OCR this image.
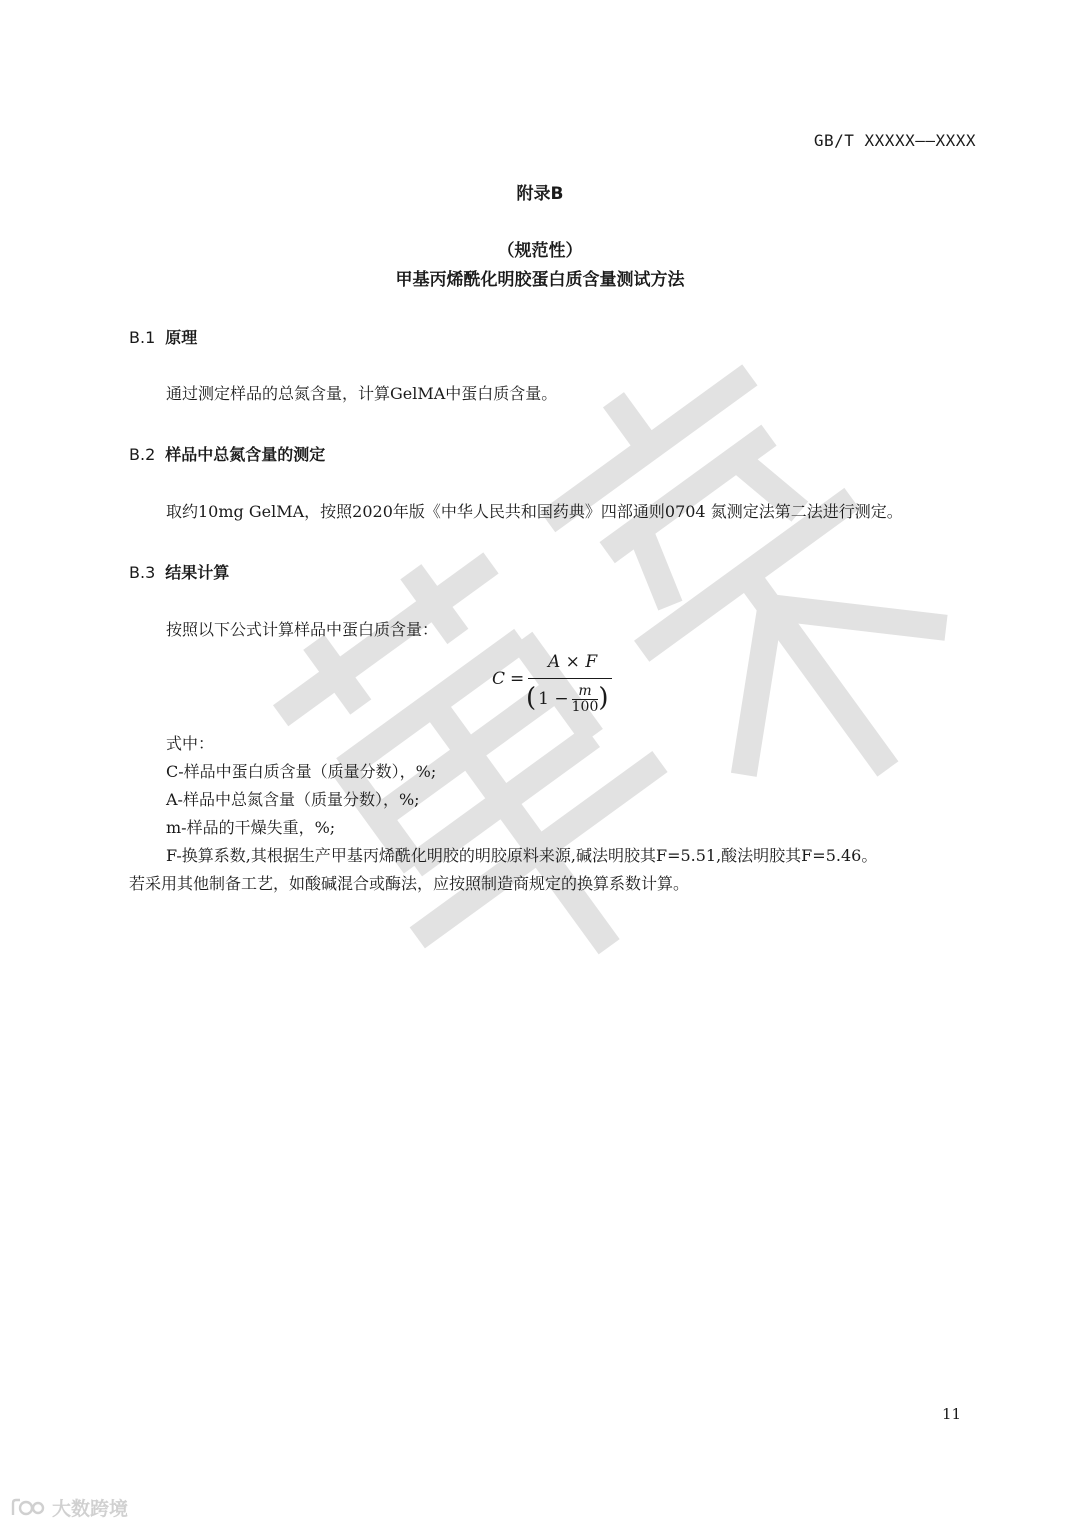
GB/T XXXXX——XXXX
附录B
（规范性）
甲基丙烯酰化明胶蛋白质含量测试方法
B.1 原理
通过测定样品的总氮含量，计算GelMA中蛋白质含量。
B.2 样品中总氮含量的测定
取约10mg GelMA，按照2020年版《中华人民共和国药典》四部通则0704 氮测定法第二法进行测定。
B.3 结果计算
按照以下公式计算样品中蛋白质含量：
C =
A × F
( $1 - \frac{m}{100}$ )
式中：
C-样品中蛋白质含量（质量分数），%;
A-样品中总氮含量（质量分数），%;
m-样品的干燥失重，%;
F-换算系数,其根据生产甲基丙烯酰化明胶的明胶原料来源,碱法明胶其F=5.51,酸法明胶其F=5.46。
若采用其他制备工艺，如酸碱混合或酶法，应按照制造商规定的换算系数计算。
11
大数跨境
